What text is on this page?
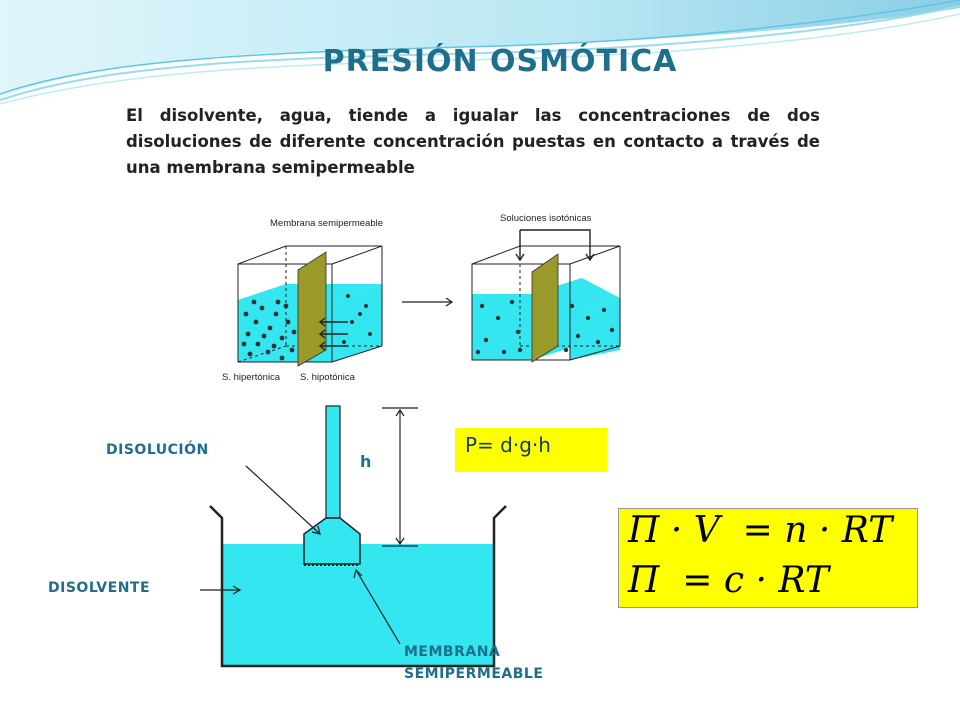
PRESIÓN OSMÓTICA
El disolvente, agua, tiende a igualar las concentraciones de dos disoluciones de diferente concentración puestas en contacto a través de una membrana semipermeable
Membrana semipermeable	Soluciones isotónicas
S. hipertónica S. hipotónica
DISOLUCIÓN
DISOLVENTE
MEMBRANA
SEMIPERMEABLE
h
P= d·g·h
Π · V  = n · RT
Π  = c · RT
